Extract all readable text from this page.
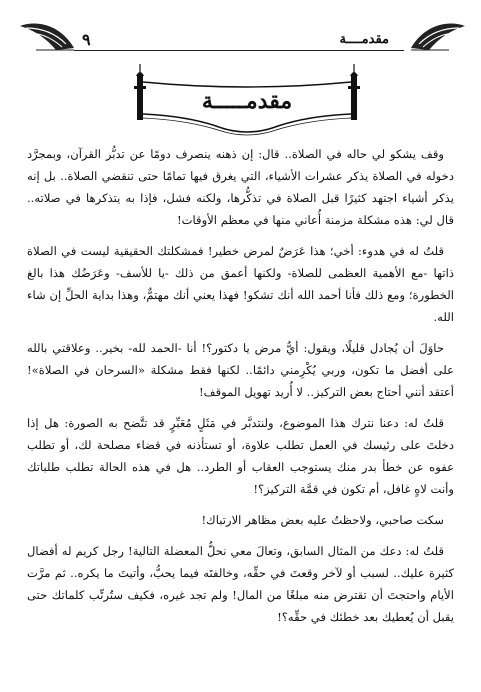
مقدمــــة
٩
مقدمـــــة

وقف يشكو لي حاله في الصلاة.. قال: إن ذهنه ينصرف دومًا عن تدبُّر القرآن، وبمجرَّد دخوله في الصلاة يذكر عشرات الأشياء، التي يغرق فيها تمامًا حتى تنقضي الصلاة.. بل إنه يذكر أشياء اجتهد كثيرًا قبل الصلاة في تذكُّرها، ولكنه فشل، فإذا به يتذكرها في صلاته.. قال لي: هذه مشكلة مزمنة أُعاني منها في معظم الأوقات!

قلتُ له في هدوء: أخي؛ هذا عَرَضٌ لمرض خطير! فمشكلتك الحقيقية ليست في الصلاة ذاتها -مع الأهمية العظمى للصلاة- ولكنها أعمق من ذلك -يا للأسف- وعَرَضُك هذا بالغ الخطورة؛ ومع ذلك فأنا أحمد الله أنك تشكو! فهذا يعني أنك مهتمٌّ، وهذا بداية الحلِّ إن شاء الله.

حاوَلَ أن يُجادل قليلًا، ويقول: أيُّ مرض يا دكتور؟! أنا -الحمد لله- بخير.. وعلاقتي بالله على أفضل ما تكون، وربي يُكْرِمني دائمًا.. لكنها فقط مشكلة «السرحان في الصلاة»! أعتقد أنني أحتاج بعض التركيز.. لا أُريد تهويل الموقف!

قلتُ له: دعنا نترك هذا الموضوع، ولنتدبَّر في مَثَلٍ مُعَبِّرٍ قد تتَّضح به الصورة: هل إذا دخلتَ على رئيسك في العمل تطلب علاوة، أو تستأذنه في قضاء مصلحة لك، أو تطلب عفوه عن خطأ بدر منك يستوجب العقاب أو الطرد.. هل في هذه الحالة تطلب طلباتك وأنت لاهٍ غافل، أم تكون في قمَّة التركيز؟!

سكت صاحبي، ولاحظتُ عليه بعض مظاهر الارتباك!

قلتُ له: دعك من المثال السابق، وتعالَ معي نحلُّ المعضلة التالية! رجل كريم له أفضال كثيرة عليك.. لسبب أو لآخر وقعتَ في حقِّه، وخالفتَه فيما يحبُّ، وأتيتَ ما يكره.. ثم مرَّت الأيام واحتجتَ أن تقترض منه مبلغًا من المال! ولم تجد غيره، فكيف ستُرتِّب كلماتك حتى يقبل أن يُعطيك بعد خطئك في حقِّه؟!
